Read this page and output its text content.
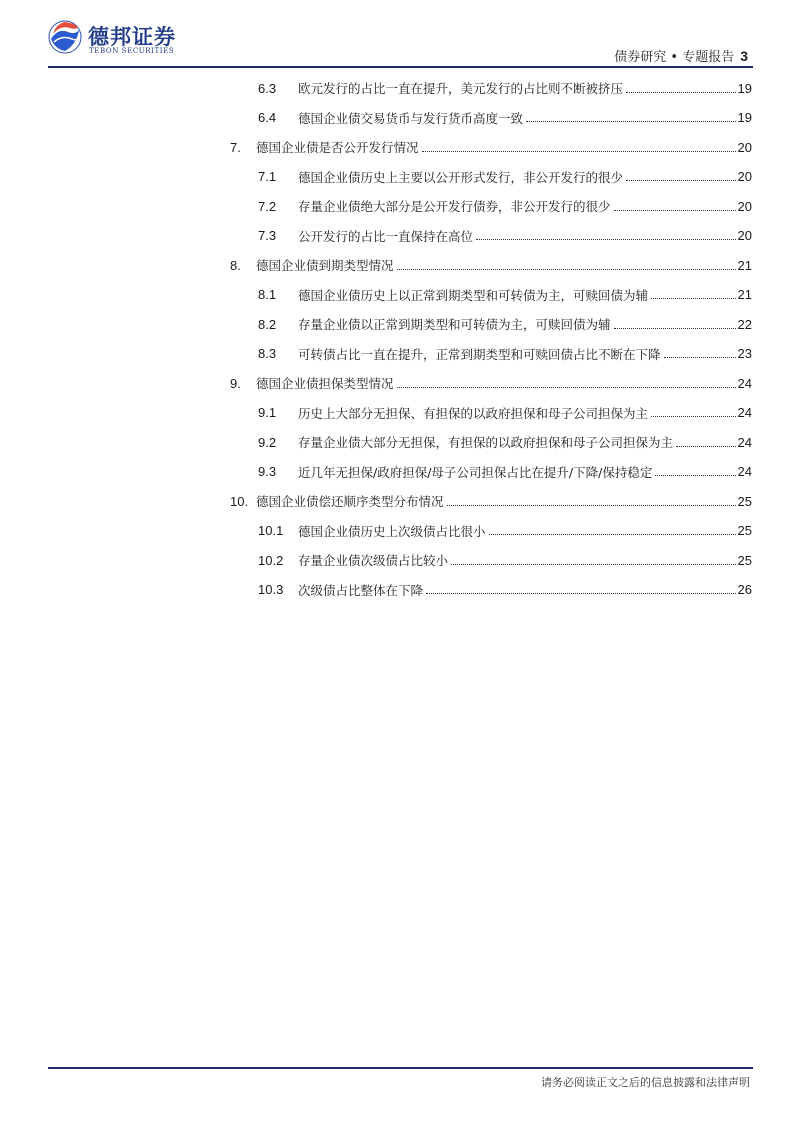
德邦证券
TEBON SECURITIES	债券研究 • 专题报告 3
6.3	欧元发行的占比一直在提升，美元发行的占比则不断被挤压	19
6.4	德国企业债交易货币与发行货币高度一致	19
7.	德国企业债是否公开发行情况	20
7.1	德国企业债历史上主要以公开形式发行，非公开发行的很少	20
7.2	存量企业债绝大部分是公开发行债券，非公开发行的很少	20
7.3	公开发行的占比一直保持在高位	20
8.	德国企业债到期类型情况	21
8.1	德国企业债历史上以正常到期类型和可转债为主，可赎回债为辅	21
8.2	存量企业债以正常到期类型和可转债为主，可赎回债为辅	22
8.3	可转债占比一直在提升，正常到期类型和可赎回债占比不断在下降	23
9.	德国企业债担保类型情况	24
9.1	历史上大部分无担保、有担保的以政府担保和母子公司担保为主	24
9.2	存量企业债大部分无担保，有担保的以政府担保和母子公司担保为主	24
9.3	近几年无担保/政府担保/母子公司担保占比在提升/下降/保持稳定	24
10. 德国企业债偿还顺序类型分布情况	25
10.1	德国企业债历史上次级债占比很小	25
10.2	存量企业债次级债占比较小	25
10.3	次级债占比整体在下降	26
请务必阅读正文之后的信息披露和法律声明
